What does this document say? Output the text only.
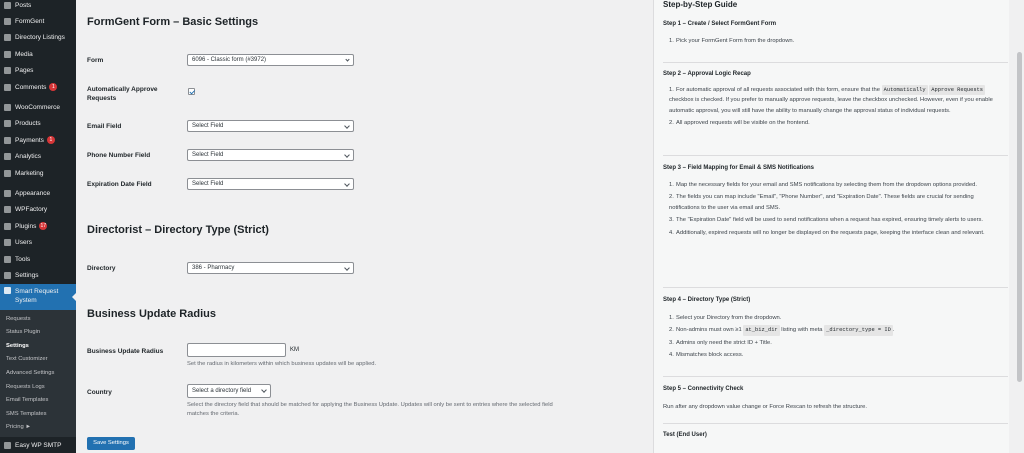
Posts
FormGent
Directory Listings
Media
Pages
Comments	1
WooCommerce
Products
Payments	1
Analytics
Marketing
Appearance
WPFactory
Plugins 17
Users
Tools
Settings
Smart Request System
Requests
Status Plugin
Settings
Text Customizer
Advanced Settings
Requests Logs
Email Templates
SMS Templates
Pricing ►
Easy WP SMTP
FormGent Form – Basic Settings
Form	6096 - Classic form (#3972)
Automatically Approve Requests
Email Field	Select Field
Phone Number Field	Select Field
Expiration Date Field	Select Field
Directorist – Directory Type (Strict)
Directory	386 - Pharmacy
Business Update Radius
Business Update Radius	KM

Set the radius in kilometers within which business updates will be applied.

Country	Select a directory field

Select the directory field that should be matched for applying the Business Update. Updates will only be sent to entries where the selected field matches the criteria.

Save Settings
Step-by-Step Guide
Step 1 – Create / Select FormGent Form
1. Pick your FormGent Form from the dropdown.
Step 2 – Approval Logic Recap
1. For automatic approval of all requests associated with this form, ensure that the Automatically Approve Requests checkbox is checked. If you prefer to manually approve requests, leave the checkbox unchecked. However, even if you enable automatic approval, you will still have the ability to manually change the approval status of individual requests.
2. All approved requests will be visible on the frontend.
Step 3 – Field Mapping for Email & SMS Notifications
1. Map the necessary fields for your email and SMS notifications by selecting them from the dropdown options provided.
2. The fields you can map include "Email", "Phone Number", and "Expiration Date". These fields are crucial for sending notifications to the user via email and SMS.
3. The "Expiration Date" field will be used to send notifications when a request has expired, ensuring timely alerts to users.
4. Additionally, expired requests will no longer be displayed on the requests page, keeping the interface clean and relevant.
Step 4 – Directory Type (Strict)
1. Select your Directory from the dropdown.
2. Non-admins must own ≥1 at_biz_dir listing with meta _directory_type = ID .
3. Admins only need the strict ID + Title.
4. Mismatches block access.
Step 5 – Connectivity Check

Run after any dropdown value change or Force Rescan to refresh the structure.

Test (End User)
